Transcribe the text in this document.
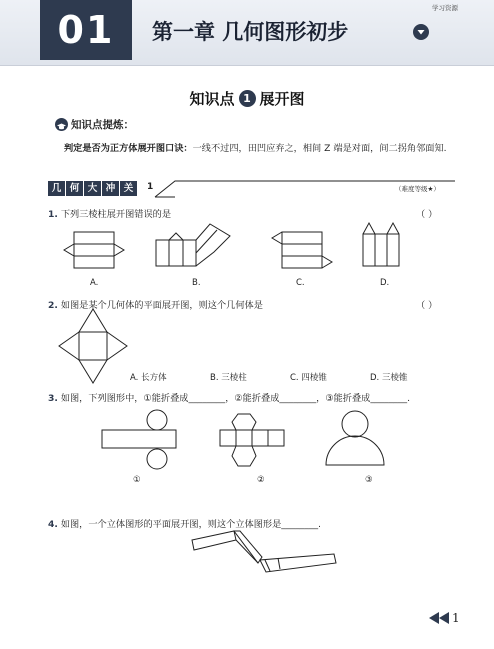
01	第一章 几何图形初步
学习资源
知识点 1 展开图
知识点提炼：
判定是否为正方体展开图口诀：一线不过四，田凹应弃之，相间 Z 端是对面，间二拐角邻面知.
几 何 大 冲 关	1	（难度等级★）
1. 下列三棱柱展开图错误的是	（ ）
A.	B.	C.	D.
2. 如图是某个几何体的平面展开图，则这个几何体是	（ ）
A. 长方体	B. 三棱柱	C. 四棱锥	D. 三棱锥
3. 如图，下列图形中，①能折叠成________，②能折叠成________，③能折叠成________.
①	②	③
4. 如图，一个立体图形的平面展开图，则这个立体图形是________.
1
